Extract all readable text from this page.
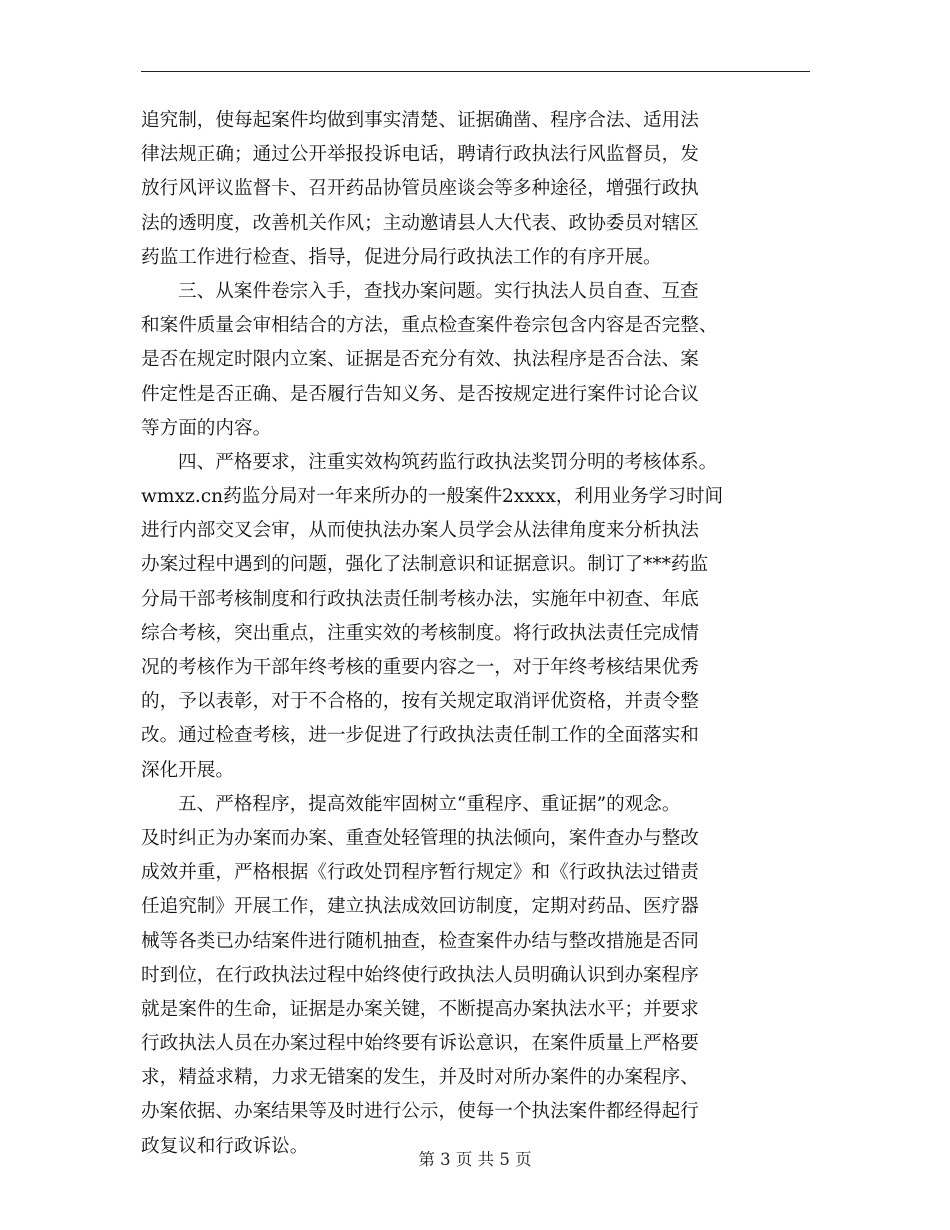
追究制，使每起案件均做到事实清楚、证据确凿、程序合法、适用法
律法规正确；通过公开举报投诉电话，聘请行政执法行风监督员，发
放行风评议监督卡、召开药品协管员座谈会等多种途径，增强行政执
法的透明度，改善机关作风；主动邀请县人大代表、政协委员对辖区
药监工作进行检查、指导，促进分局行政执法工作的有序开展。
三、从案件卷宗入手，查找办案问题。实行执法人员自查、互查
和案件质量会审相结合的方法，重点检查案件卷宗包含内容是否完整、
是否在规定时限内立案、证据是否充分有效、执法程序是否合法、案
件定性是否正确、是否履行告知义务、是否按规定进行案件讨论合议
等方面的内容。
四、严格要求，注重实效构筑药监行政执法奖罚分明的考核体系。
wmxz.cn药监分局对一年来所办的一般案件2xxxx，利用业务学习时间
进行内部交叉会审，从而使执法办案人员学会从法律角度来分析执法
办案过程中遇到的问题，强化了法制意识和证据意识。制订了***药监
分局干部考核制度和行政执法责任制考核办法，实施年中初查、年底
综合考核，突出重点，注重实效的考核制度。将行政执法责任完成情
况的考核作为干部年终考核的重要内容之一，对于年终考核结果优秀
的，予以表彰，对于不合格的，按有关规定取消评优资格，并责令整
改。通过检查考核，进一步促进了行政执法责任制工作的全面落实和
深化开展。
五、严格程序，提高效能牢固树立“重程序、重证据”的观念。
及时纠正为办案而办案、重查处轻管理的执法倾向，案件查办与整改
成效并重，严格根据《行政处罚程序暂行规定》和《行政执法过错责
任追究制》开展工作，建立执法成效回访制度，定期对药品、医疗器
械等各类已办结案件进行随机抽查，检查案件办结与整改措施是否同
时到位，在行政执法过程中始终使行政执法人员明确认识到办案程序
就是案件的生命，证据是办案关键，不断提高办案执法水平；并要求
行政执法人员在办案过程中始终要有诉讼意识，在案件质量上严格要
求，精益求精，力求无错案的发生，并及时对所办案件的办案程序、
办案依据、办案结果等及时进行公示，使每一个执法案件都经得起行
政复议和行政诉讼。
第 3 页 共 5 页
